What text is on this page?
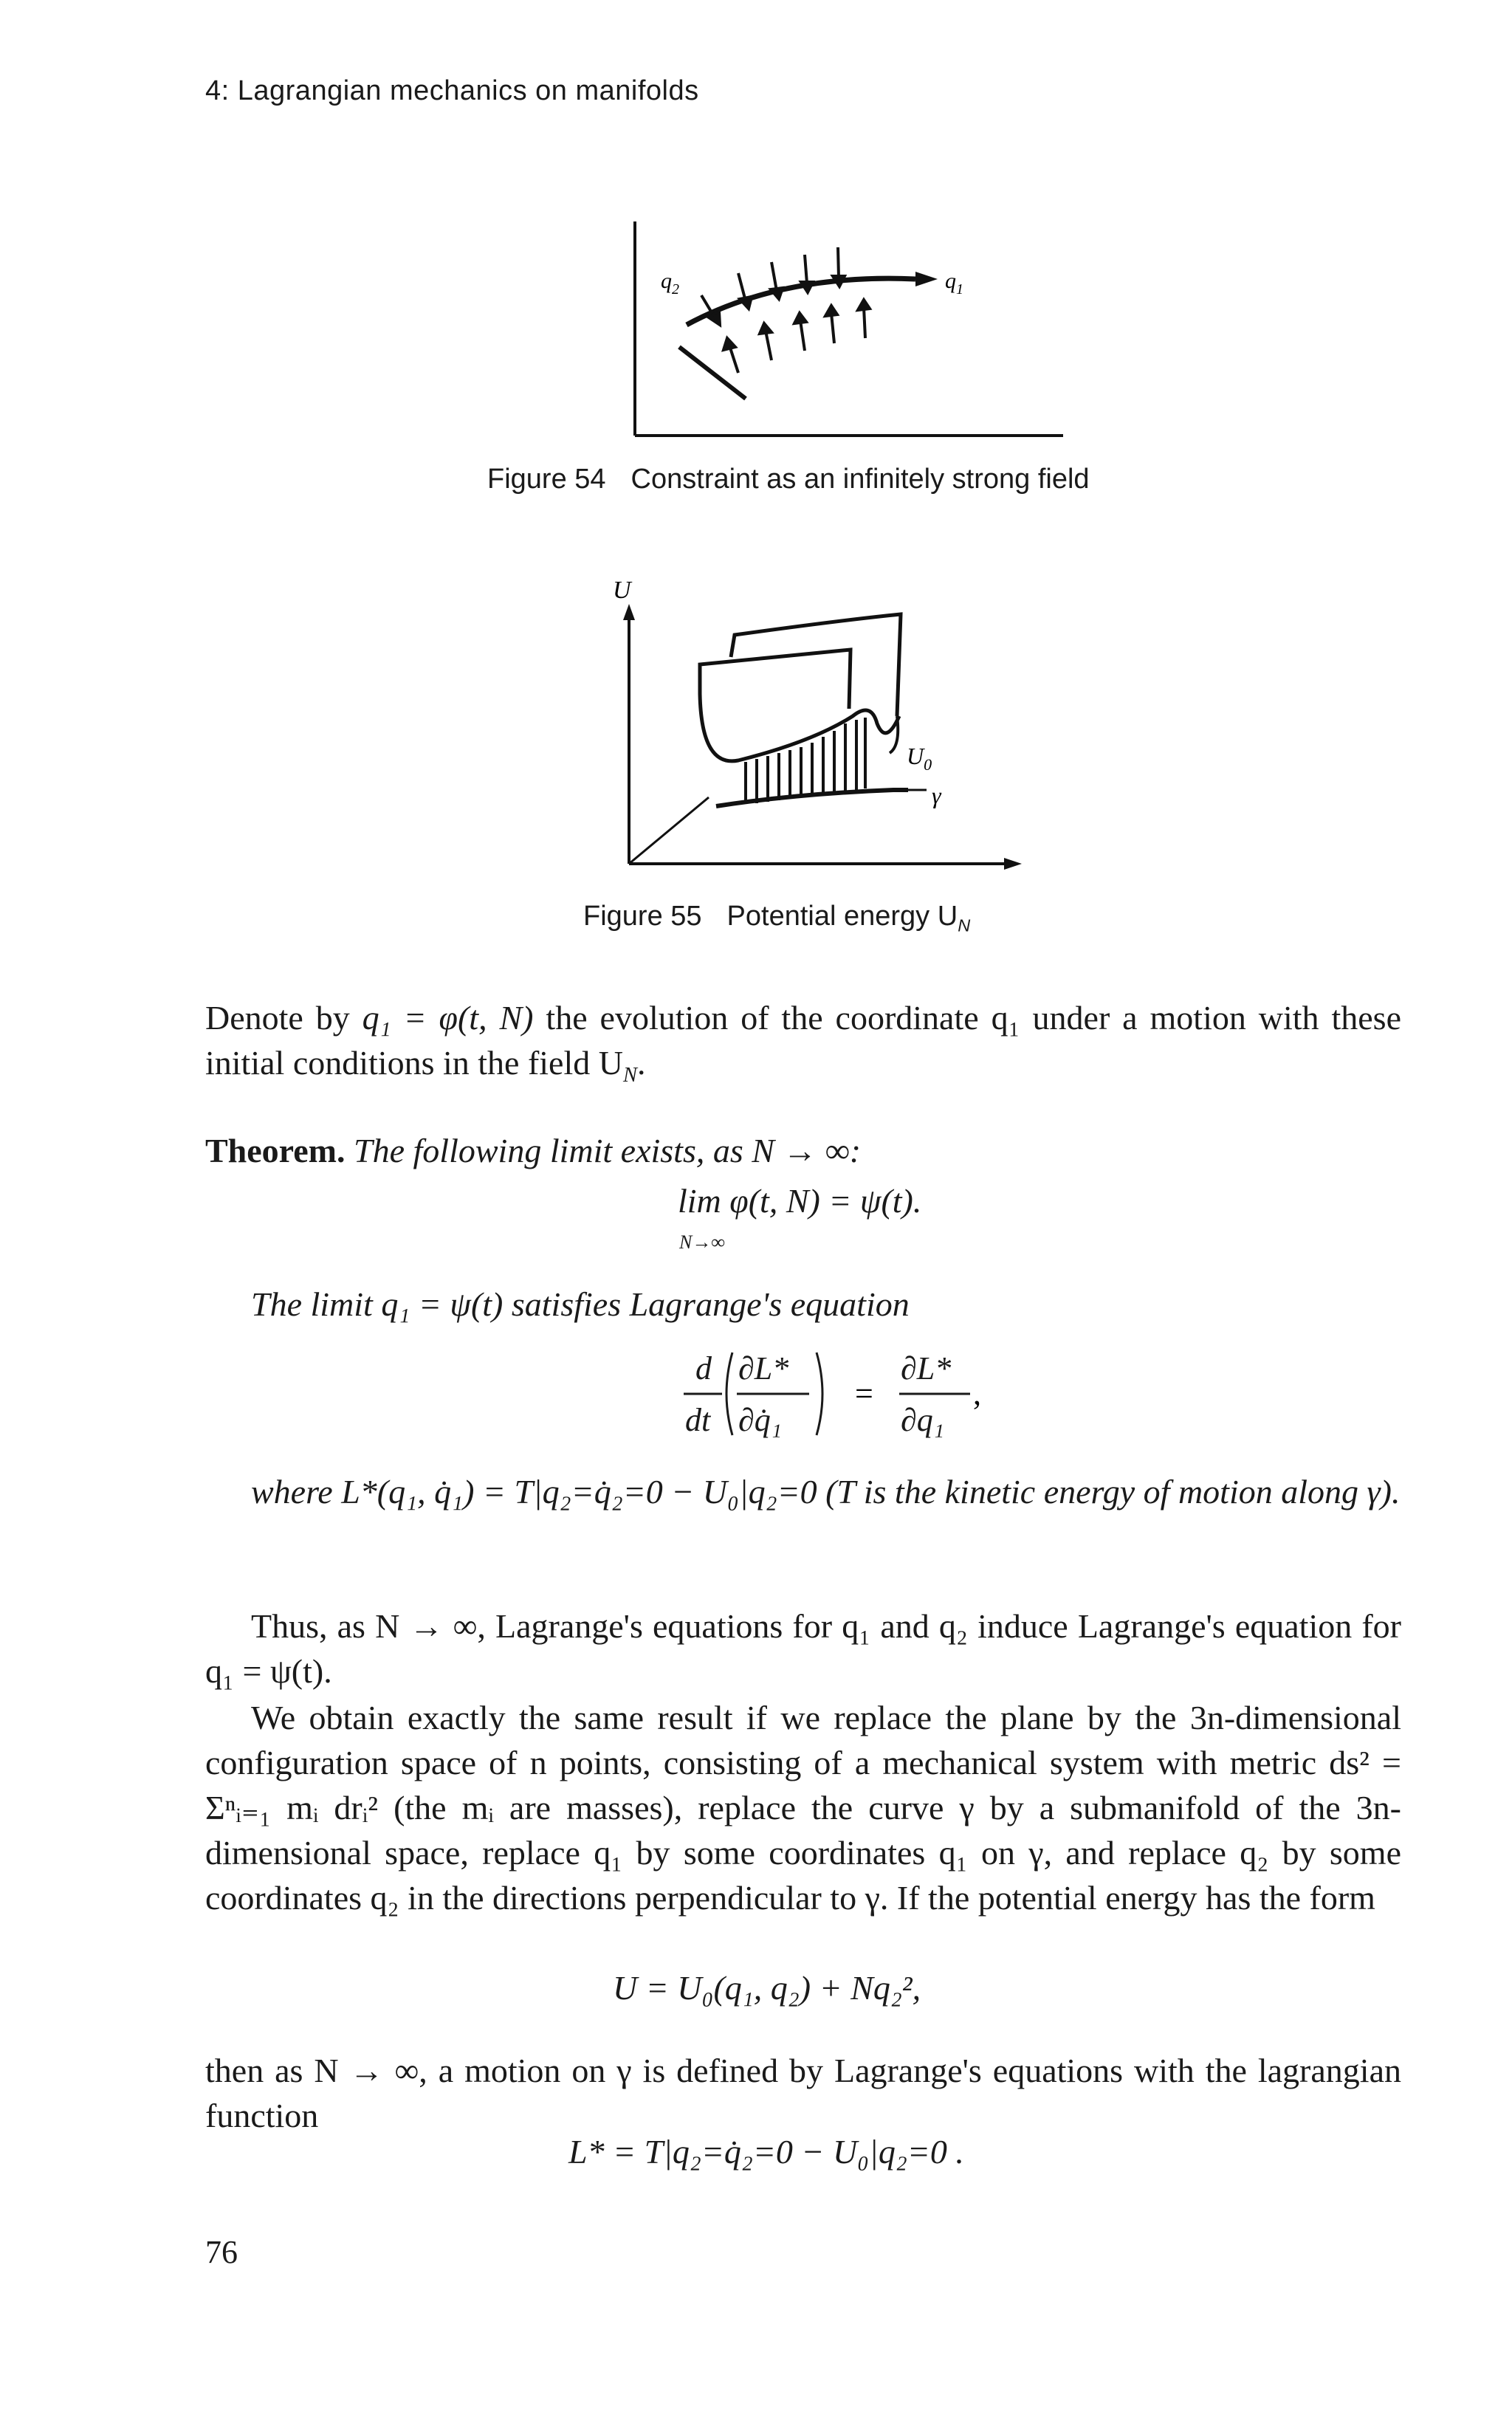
4: Lagrangian mechanics on manifolds
$q_2$	$q_1$
Figure 54 Constraint as an infinitely strong field
U
$U_0$
γ
Figure 55 Potential energy $U_N$
Denote by q₁ = φ(t, N) the evolution of the coordinate q₁ under a motion with these initial conditions in the field $U_N$.
Theorem. The following limit exists, as N → ∞:
lim φ(t, N) = ψ(t).
N→∞
The limit q₁ = ψ(t) satisfies Lagrange's equation
d
dt
∂L*
∂q̇₁
∂L*
∂q₁
=	,
where L*(q₁, q̇₁) = T|q₂=q̇₂=0 − U₀|q₂=0 (T is the kinetic energy of motion along γ).
Thus, as N → ∞, Lagrange's equations for q₁ and q₂ induce Lagrange's equation for q₁ = ψ(t).
We obtain exactly the same result if we replace the plane by the 3n-dimensional configuration space of n points, consisting of a mechanical system with metric ds² = Σⁿᵢ₌₁ mᵢ drᵢ² (the mᵢ are masses), replace the curve γ by a submanifold of the 3n-dimensional space, replace q₁ by some coordinates q₁ on γ, and replace q₂ by some coordinates q₂ in the directions perpendicular to γ. If the potential energy has the form
U = U₀(q₁, q₂) + Nq₂²,
then as N → ∞, a motion on γ is defined by Lagrange's equations with the lagrangian function
L* = T|q₂=q̇₂=0 − U₀|q₂=0 .
76
